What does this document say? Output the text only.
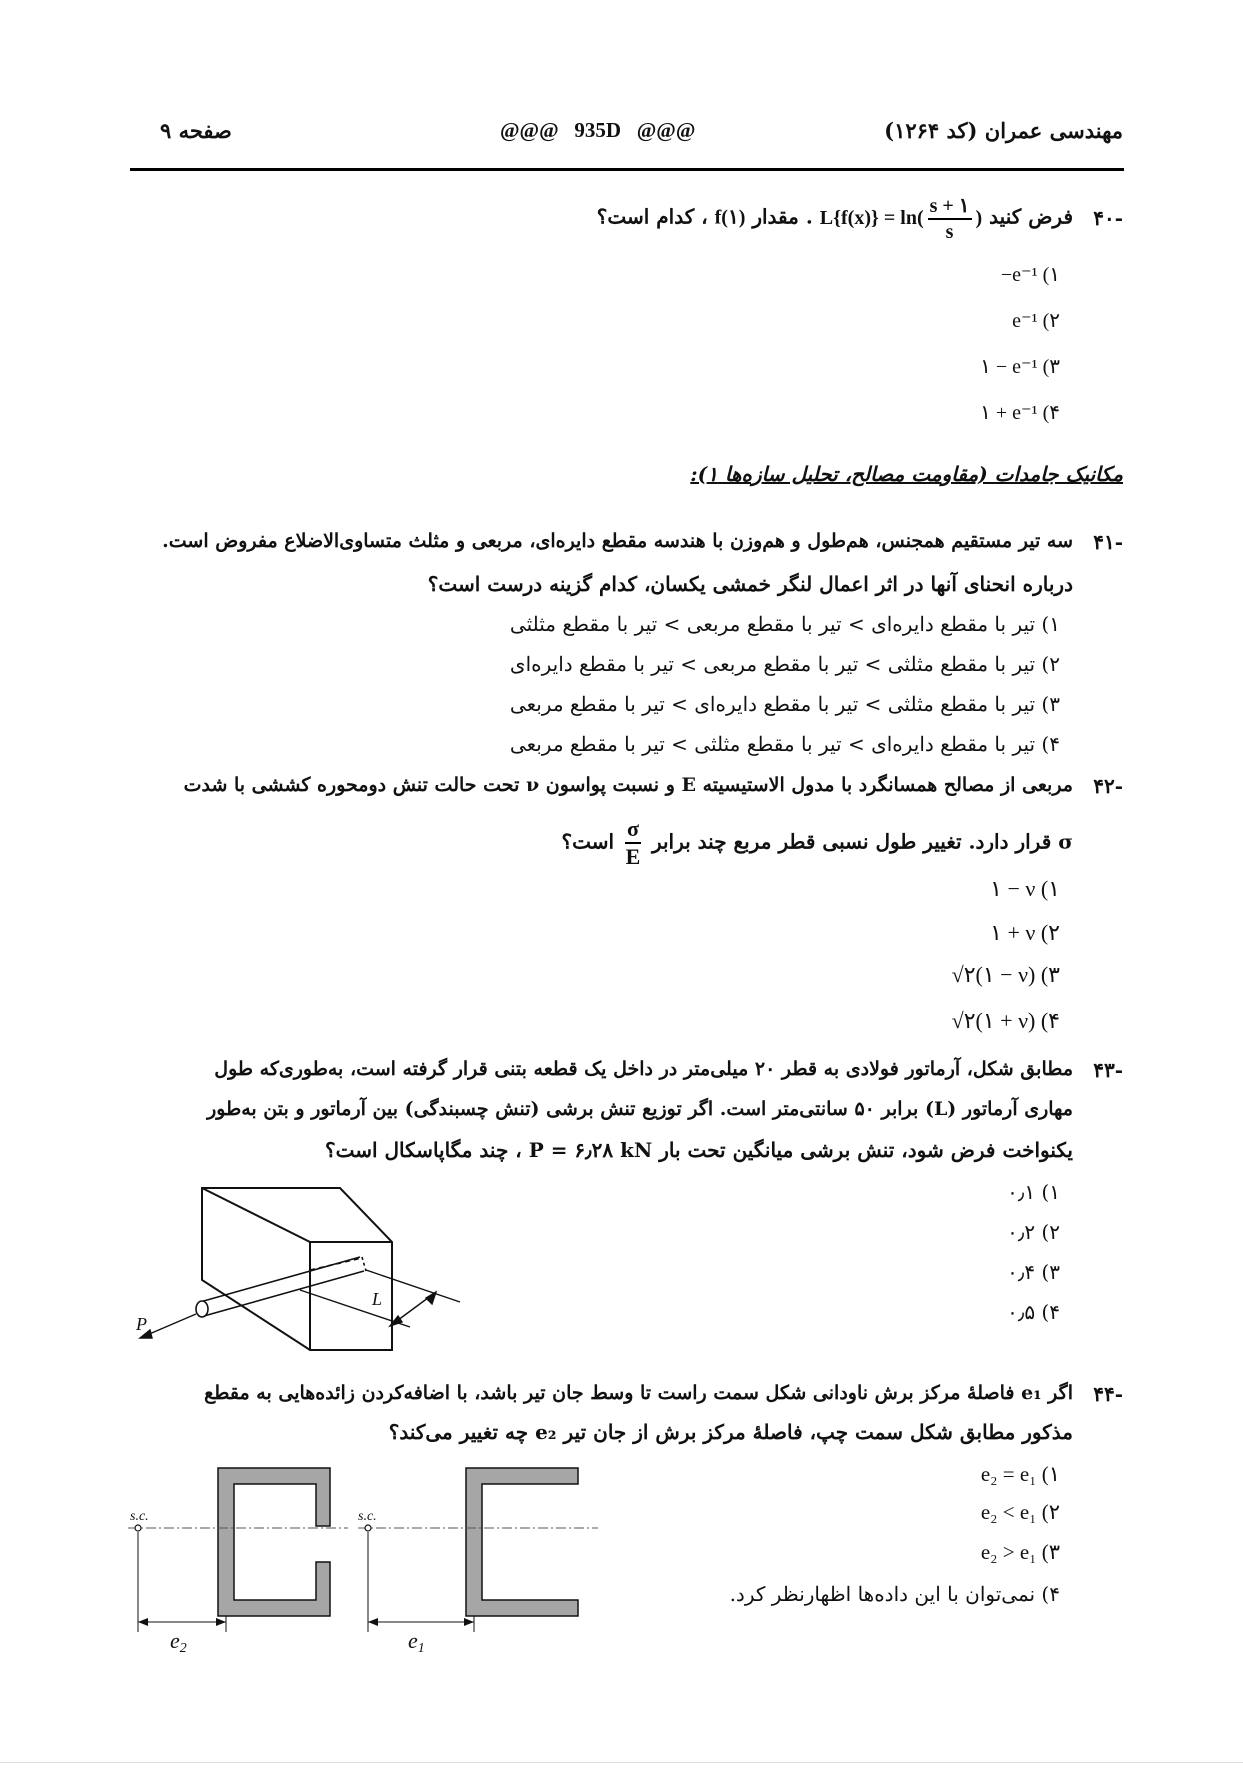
مهندسی عمران (کد ۱۲۶۴)
@@@   935D   @@@
صفحه ۹
-۴۰
فرض کنید $L\{f(x)\} = \ln( \frac{s + ۱}{s}$ ) . مقدار f(۱) ، کدام است؟
۱) ‎−e⁻¹
۲) ‎e⁻¹
۳) ‎۱ − e⁻¹
۴) ‎۱ + e⁻¹
مکانیک جامدات (مقاومت مصالح، تحلیل سازه‌ها ۱):
-۴۱
سه تیر مستقیم همجنس، هم‌طول و هم‌وزن با هندسه مقطع دایره‌ای، مربعی و مثلث متساوی‌الاضلاع مفروض است.
درباره انحنای آنها در اثر اعمال لنگر خمشی یکسان، کدام گزینه درست است؟
۱) تیر با مقطع دایره‌ای > تیر با مقطع مربعی > تیر با مقطع مثلثی
۲) تیر با مقطع مثلثی > تیر با مقطع مربعی > تیر با مقطع دایره‌ای
۳) تیر با مقطع مثلثی > تیر با مقطع دایره‌ای > تیر با مقطع مربعی
۴) تیر با مقطع دایره‌ای > تیر با مقطع مثلثی > تیر با مقطع مربعی
-۴۲
مربعی از مصالح همسانگرد با مدول الاستیسیته E و نسبت پواسون ν تحت حالت تنش دومحوره کششی با شدت
σ قرار دارد. تغییر طول نسبی قطر مربع چند برابر
$\frac{\sigma}{E}$
است؟
۱) ‎۱ − ν
۲) ‎۱ + ν
۳) ‎√۲(۱ − ν)
۴) ‎√۲(۱ + ν)
-۴۳
مطابق شکل، آرماتور فولادی به قطر ۲۰ میلی‌متر در داخل یک قطعه بتنی قرار گرفته است، به‌طوری‌که طول
مهاری آرماتور (L) برابر ۵۰ سانتی‌متر است. اگر توزیع تنش برشی (تنش چسبندگی) بین آرماتور و بتن به‌طور
یکنواخت فرض شود، تنش برشی میانگین تحت بار P = ۶٫۲۸ kN ، چند مگاپاسکال است؟
۱) ۰٫۱
۲) ۰٫۲
۳) ۰٫۴
۴) ۰٫۵
P
L
-۴۴
اگر e₁ فاصلهٔ مرکز برش ناودانی شکل سمت راست تا وسط جان تیر باشد، با اضافه‌کردن زائده‌هایی به مقطع
مذکور مطابق شکل سمت چپ، فاصلهٔ مرکز برش از جان تیر e₂ چه تغییر می‌کند؟
۱) ‎e₂ = e₁
۲) ‎e₂ < e₁
۳) ‎e₂ > e₁
۴) نمی‌توان با این داده‌ها اظهارنظر کرد.
s.c.
e2
s.c.
e1
